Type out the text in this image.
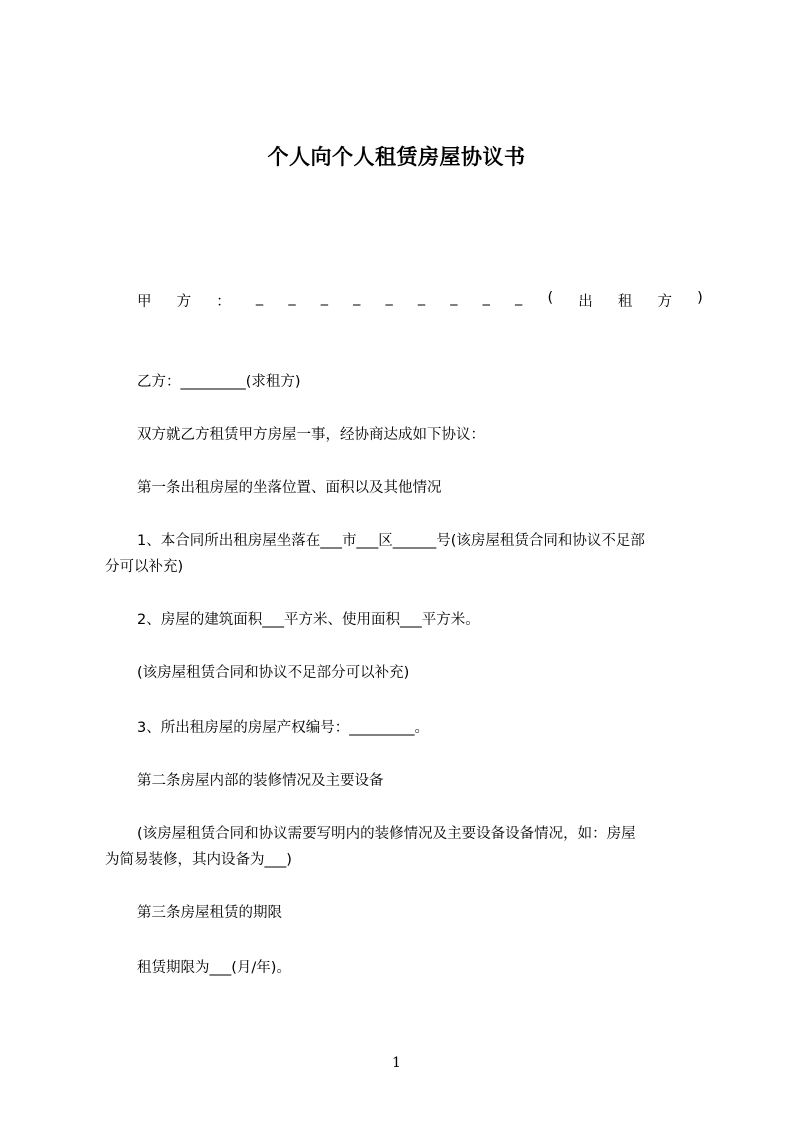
个人向个人租赁房屋协议书
甲 方 ： _ _ _ _ _ _ _ _ _ ( 出 租 方 )
乙方：_________(求租方)
双方就乙方租赁甲方房屋一事，经协商达成如下协议：
第一条出租房屋的坐落位置、面积以及其他情况
1、本合同所出租房屋坐落在___市___区______号(该房屋租赁合同和协议不足部
分可以补充)
2、房屋的建筑面积___平方米、使用面积___平方米。
(该房屋租赁合同和协议不足部分可以补充)
3、所出租房屋的房屋产权编号：_________。
第二条房屋内部的装修情况及主要设备
(该房屋租赁合同和协议需要写明内的装修情况及主要设备设备情况，如：房屋
为简易装修，其内设备为___)
第三条房屋租赁的期限
租赁期限为___(月/年)。
1
